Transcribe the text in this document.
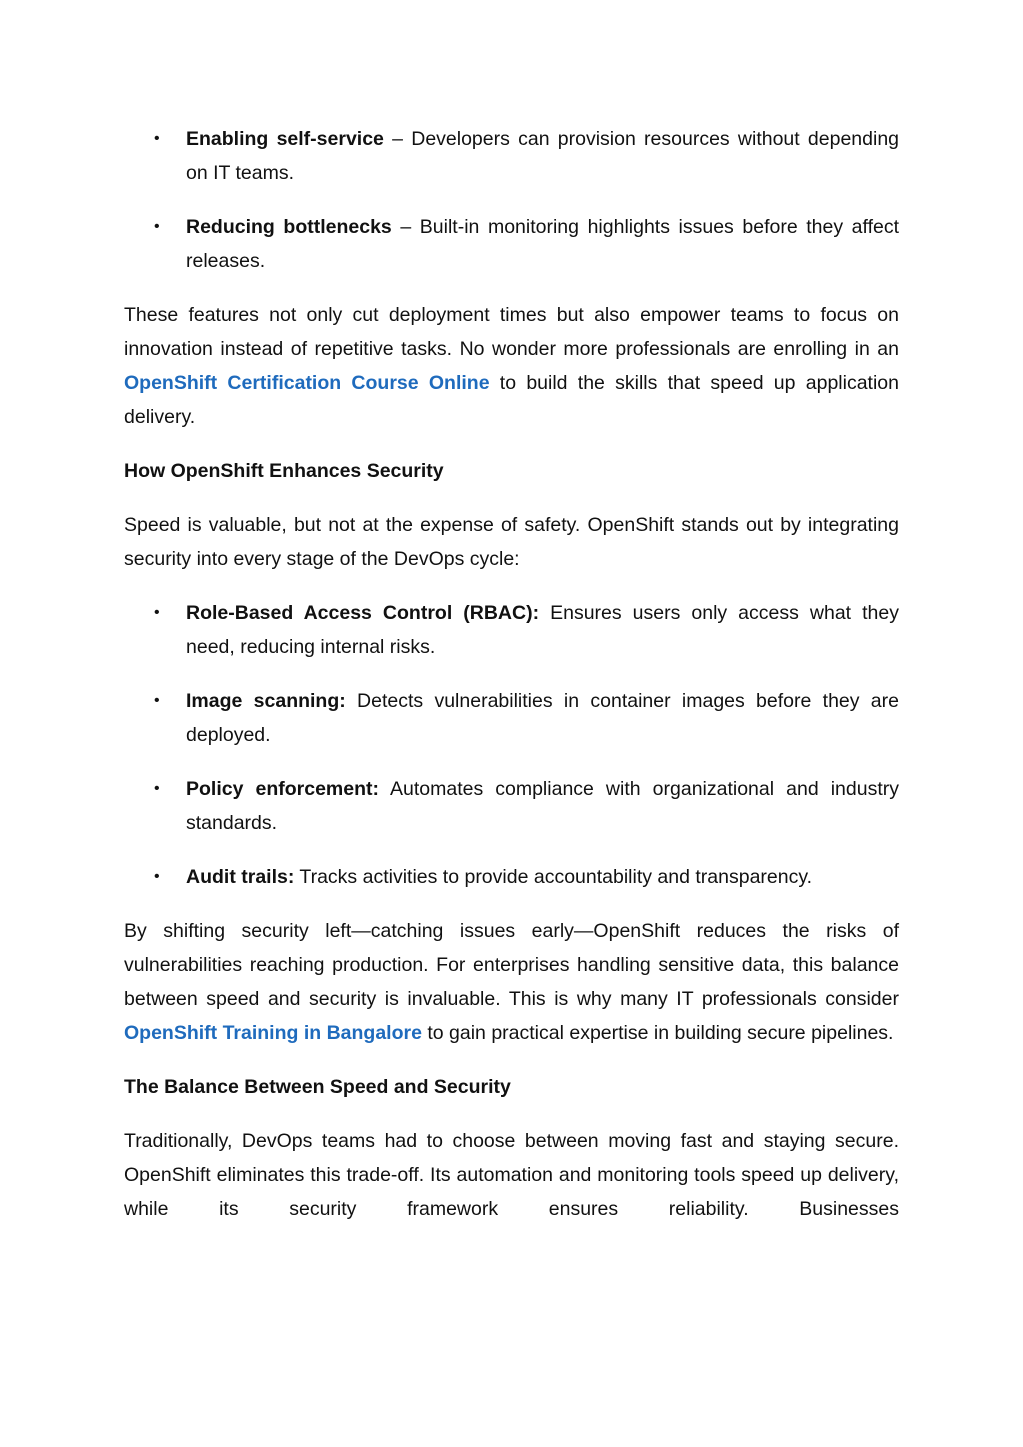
• Enabling self-service – Developers can provision resources without depending on IT teams.
• Reducing bottlenecks – Built-in monitoring highlights issues before they affect releases.

These features not only cut deployment times but also empower teams to focus on innovation instead of repetitive tasks. No wonder more professionals are enrolling in an OpenShift Certification Course Online to build the skills that speed up application delivery.

How OpenShift Enhances Security

Speed is valuable, but not at the expense of safety. OpenShift stands out by integrating security into every stage of the DevOps cycle:

• Role-Based Access Control (RBAC): Ensures users only access what they need, reducing internal risks.
• Image scanning: Detects vulnerabilities in container images before they are deployed.
• Policy enforcement: Automates compliance with organizational and industry standards.
• Audit trails: Tracks activities to provide accountability and transparency.

By shifting security left—catching issues early—OpenShift reduces the risks of vulnerabilities reaching production. For enterprises handling sensitive data, this balance between speed and security is invaluable. This is why many IT professionals consider OpenShift Training in Bangalore to gain practical expertise in building secure pipelines.

The Balance Between Speed and Security

Traditionally, DevOps teams had to choose between moving fast and staying secure. OpenShift eliminates this trade-off. Its automation and monitoring tools speed up delivery, while its security framework ensures reliability. Businesses
